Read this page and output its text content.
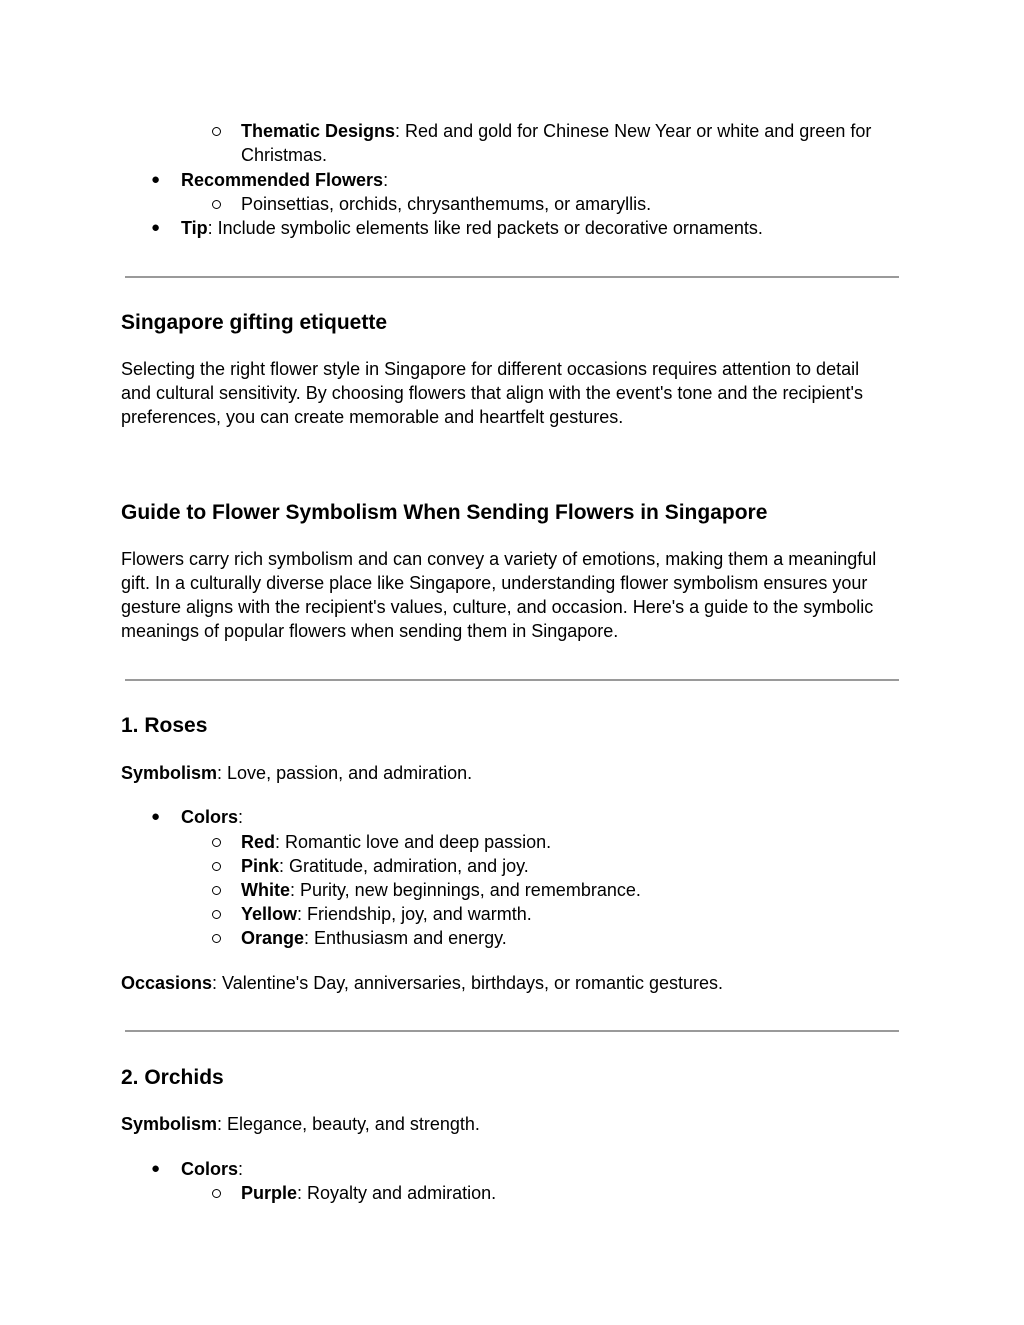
Thematic Designs: Red and gold for Chinese New Year or white and green for
Christmas.
● Recommended Flowers:
Poinsettias, orchids, chrysanthemums, or amaryllis.
● Tip: Include symbolic elements like red packets or decorative ornaments.
Singapore gifting etiquette
Selecting the right flower style in Singapore for different occasions requires attention to detail
and cultural sensitivity. By choosing flowers that align with the event's tone and the recipient's
preferences, you can create memorable and heartfelt gestures.
Guide to Flower Symbolism When Sending Flowers in Singapore
Flowers carry rich symbolism and can convey a variety of emotions, making them a meaningful
gift. In a culturally diverse place like Singapore, understanding flower symbolism ensures your
gesture aligns with the recipient's values, culture, and occasion. Here's a guide to the symbolic
meanings of popular flowers when sending them in Singapore.
1. Roses
Symbolism: Love, passion, and admiration.
● Colors:
Red: Romantic love and deep passion.
Pink: Gratitude, admiration, and joy.
White: Purity, new beginnings, and remembrance.
Yellow: Friendship, joy, and warmth.
Orange: Enthusiasm and energy.
Occasions: Valentine's Day, anniversaries, birthdays, or romantic gestures.
2. Orchids
Symbolism: Elegance, beauty, and strength.
● Colors:
Purple: Royalty and admiration.
